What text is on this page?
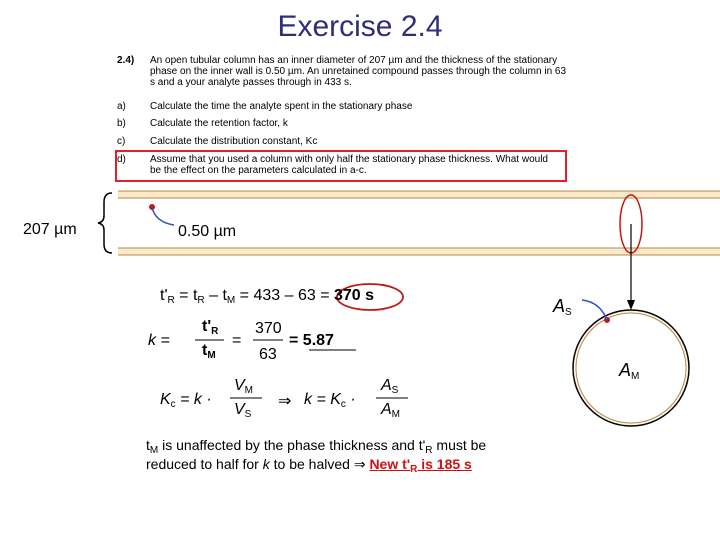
Exercise 2.4
2.4) An open tubular column has an inner diameter of 207 µm and the thickness of the stationary phase on the inner wall is 0.50 µm. An unretained compound passes through the column in 63 s and a your analyte passes through in 433 s.
a) Calculate the time the analyte spent in the stationary phase
b) Calculate the retention factor, k
c) Calculate the distribution constant, Kc
d) Assume that you used a column with only half the stationary phase thickness. What would be the effect on the parameters calculated in a-c.
207 µm	0.50 µm
$A_S$
$A_M$
$t'_R = t_R - t_M = 433 - 63 = 370$ s
k =
$t'_R$
$t_M$
=
370
63
= 5.87
$K_c = k$ ·
$V_M$
$V_S$
⇒ $k = K_c$ ·
$A_S$
$A_M$
$t_M$ is unaffected by the phase thickness and $t'_R$ must be
reduced to half for k to be halved ⇒ New $t'_R$ is 185 s
